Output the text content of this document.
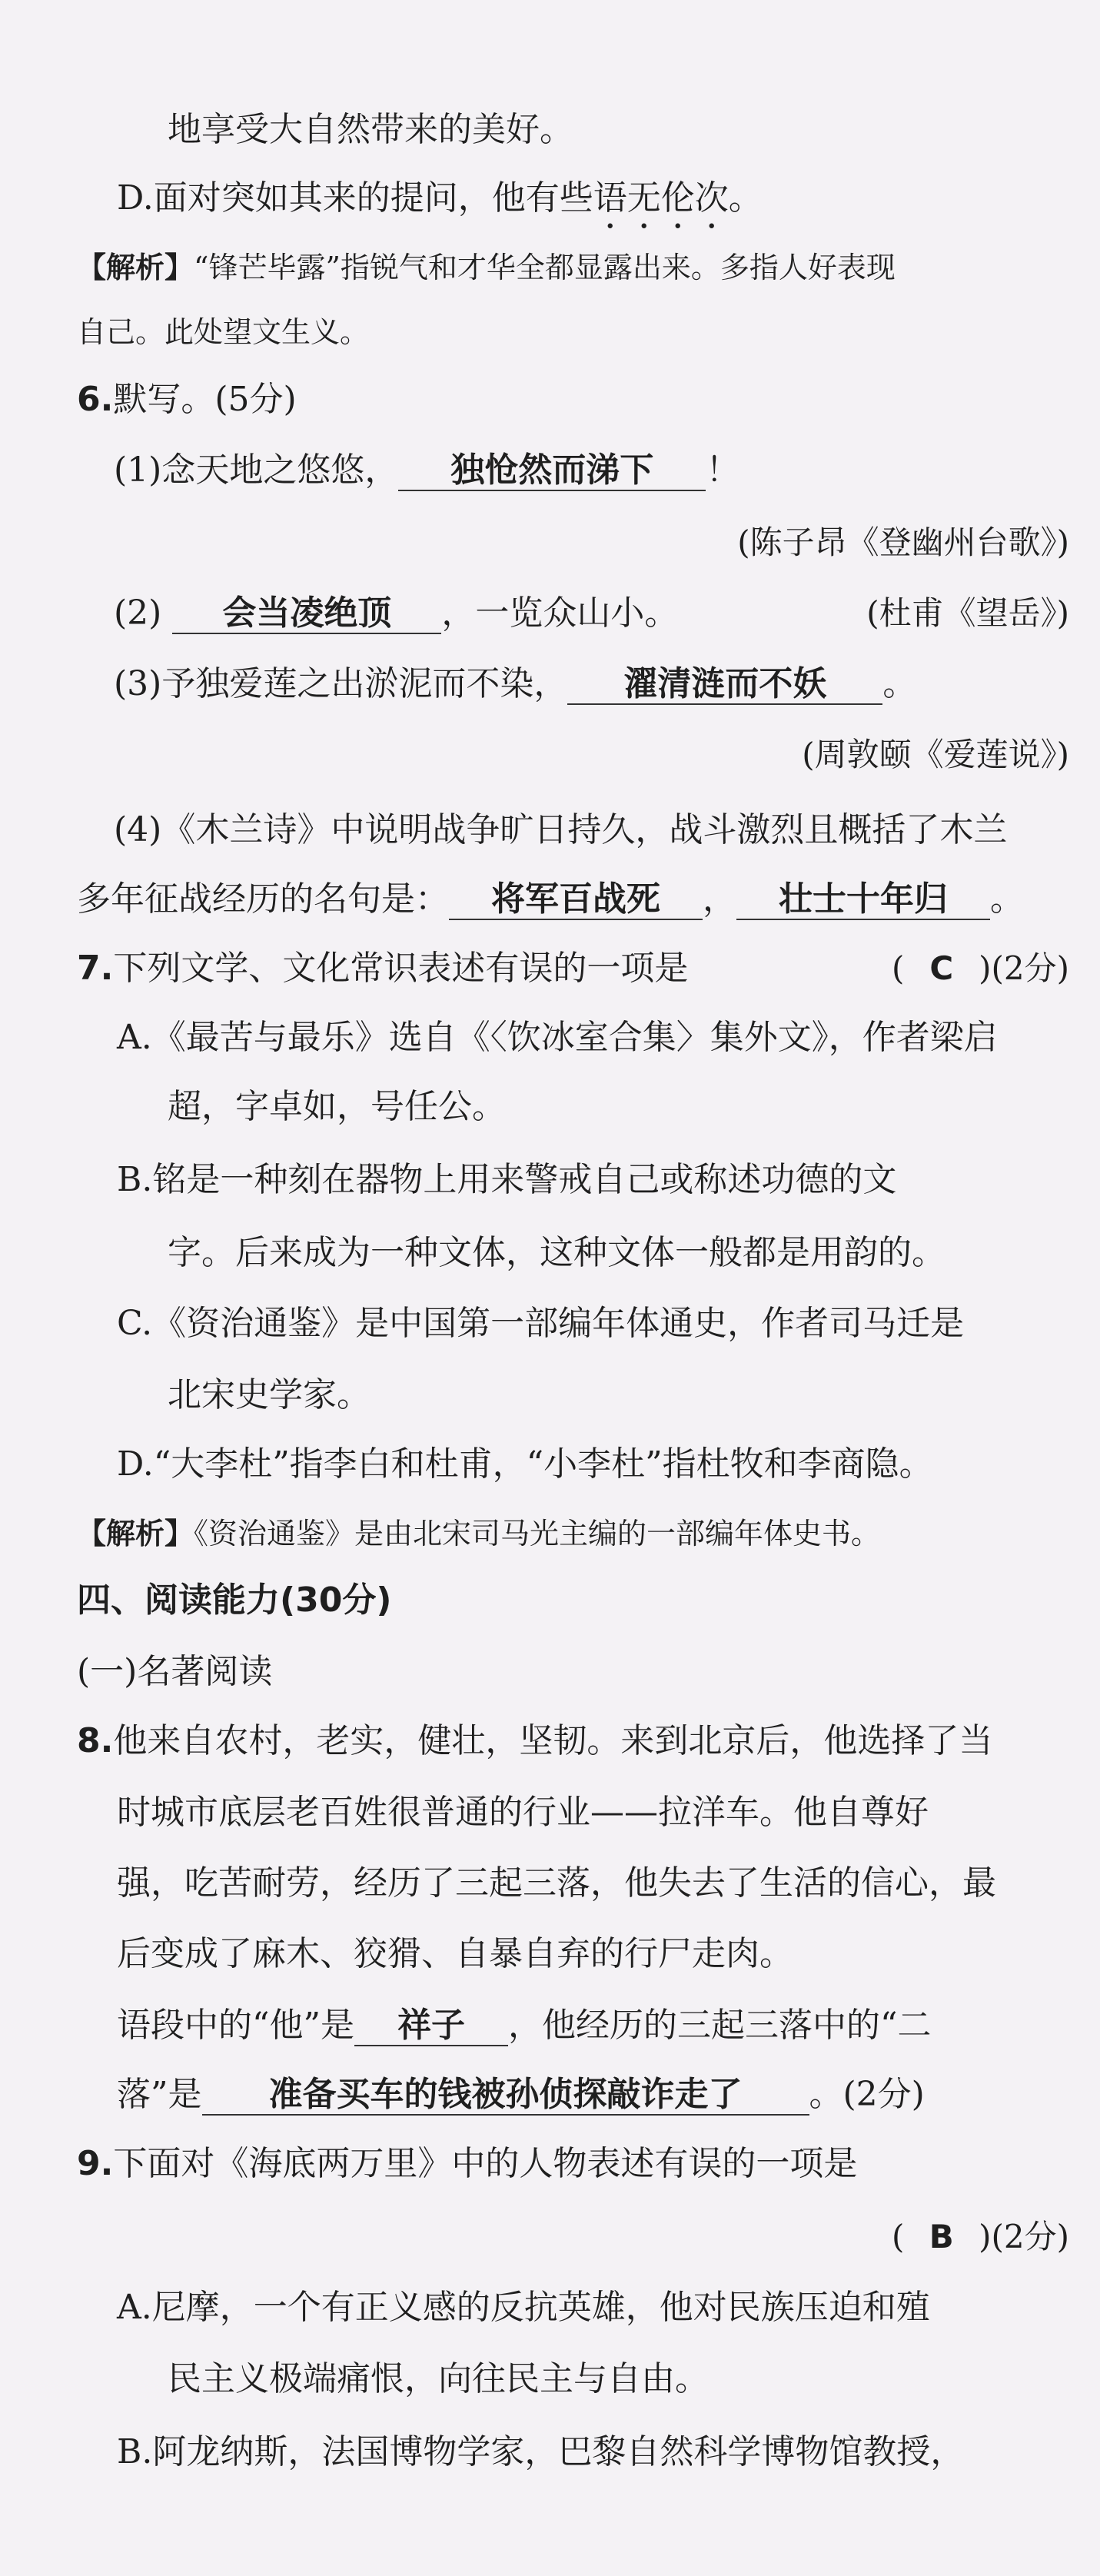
地享受大自然带来的美好。
D.面对突如其来的提问，他有些语无伦次。
【解析】“锋芒毕露”指锐气和才华全都显露出来。多指人好表现
自己。此处望文生义。
6.默写。(5分)
(1)念天地之悠悠， 独怆然而涕下 ！
(陈子昂《登幽州台歌》)
(2) 会当凌绝顶 ，一览众山小。	(杜甫《望岳》)
(3)予独爱莲之出淤泥而不染， 濯清涟而不妖 。
(周敦颐《爱莲说》)
(4)《木兰诗》中说明战争旷日持久，战斗激烈且概括了木兰
多年征战经历的名句是： 将军百战死 ， 壮士十年归 。
7.下列文学、文化常识表述有误的一项是	( C )(2分)
A.《最苦与最乐》选自《〈饮冰室合集〉集外文》，作者梁启
超，字卓如，号任公。
B.铭是一种刻在器物上用来警戒自己或称述功德的文
字。后来成为一种文体，这种文体一般都是用韵的。
C.《资治通鉴》是中国第一部编年体通史，作者司马迁是
北宋史学家。
D.“大李杜”指李白和杜甫，“小李杜”指杜牧和李商隐。
【解析】《资治通鉴》是由北宋司马光主编的一部编年体史书。
四、阅读能力(30分)
(一)名著阅读
8.他来自农村，老实，健壮，坚韧。来到北京后，他选择了当
时城市底层老百姓很普通的行业——拉洋车。他自尊好
强，吃苦耐劳，经历了三起三落，他失去了生活的信心，最
后变成了麻木、狡猾、自暴自弃的行尸走肉。
语段中的“他”是 祥子 ，他经历的三起三落中的“二
落”是 准备买车的钱被孙侦探敲诈走了 。(2分)
9.下面对《海底两万里》中的人物表述有误的一项是
( B )(2分)
A.尼摩，一个有正义感的反抗英雄，他对民族压迫和殖
民主义极端痛恨，向往民主与自由。
B.阿龙纳斯，法国博物学家，巴黎自然科学博物馆教授，
